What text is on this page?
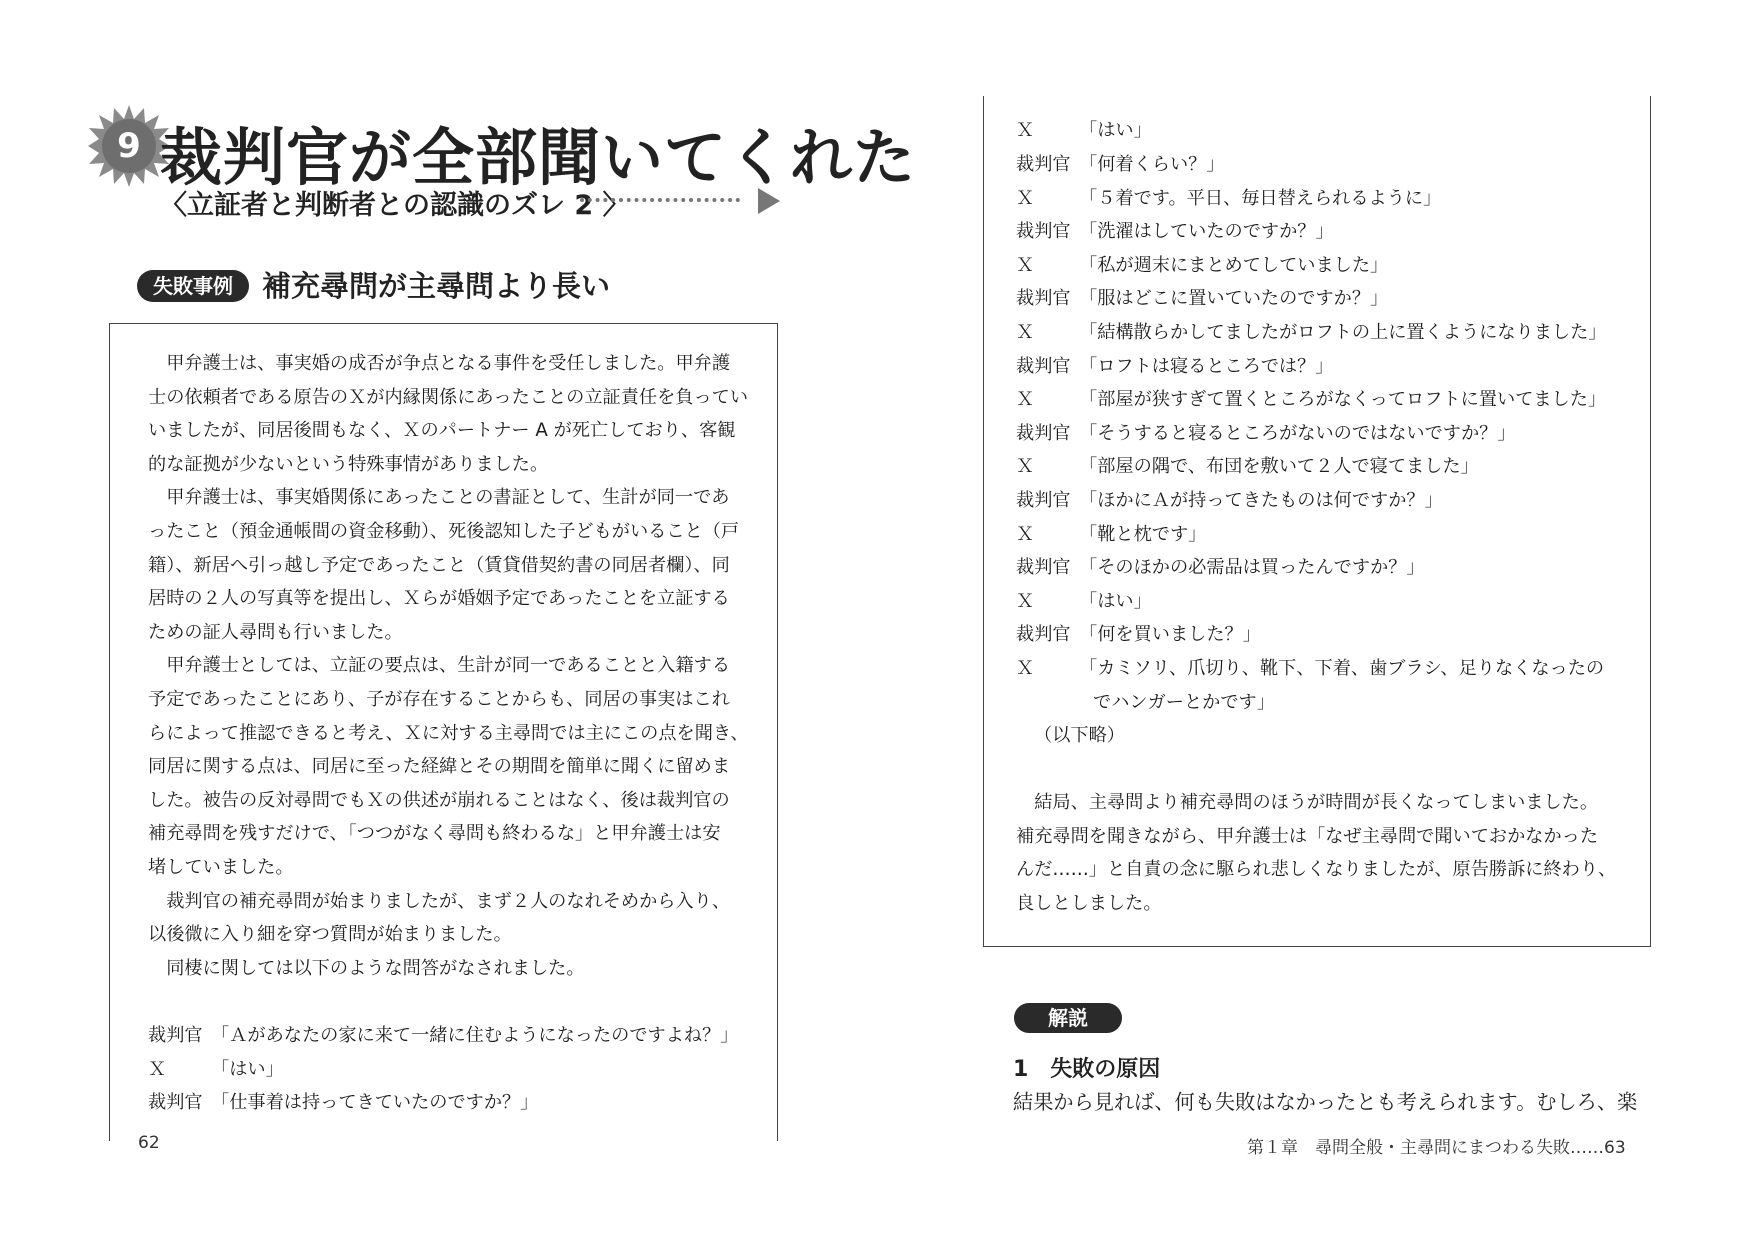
9 裁判官が全部聞いてくれた
〈立証者と判断者との認識のズレ 2 〉
失敗事例	補充尋問が主尋問より長い
　甲弁護士は、事実婚の成否が争点となる事件を受任しました。甲弁護
士の依頼者である原告のＸが内縁関係にあったことの立証責任を負ってい
いましたが、同居後間もなく、Ｘのパートナー A が死亡しており、客観
的な証拠が少ないという特殊事情がありました。
　甲弁護士は、事実婚関係にあったことの書証として、生計が同一であ
ったこと（預金通帳間の資金移動）、死後認知した子どもがいること（戸
籍）、新居へ引っ越し予定であったこと（賃貸借契約書の同居者欄）、同
居時の２人の写真等を提出し、Ｘらが婚姻予定であったことを立証する
ための証人尋問も行いました。
　甲弁護士としては、立証の要点は、生計が同一であることと入籍する
予定であったことにあり、子が存在することからも、同居の事実はこれ
らによって推認できると考え、Ｘに対する主尋問では主にこの点を聞き、
同居に関する点は、同居に至った経緯とその期間を簡単に聞くに留めま
した。被告の反対尋問でもＸの供述が崩れることはなく、後は裁判官の
補充尋問を残すだけで、「つつがなく尋問も終わるな」と甲弁護士は安
堵していました。
　裁判官の補充尋問が始まりましたが、まず２人のなれそめから入り、
以後微に入り細を穿つ質問が始まりました。
　同棲に関しては以下のような問答がなされました。
裁判官 「Ａがあなたの家に来て一緒に住むようになったのですよね？」
Ｘ 「はい」
裁判官 「仕事着は持ってきていたのですか？」
62
Ｘ 「はい」
裁判官 「何着くらい？」
Ｘ 「５着です。平日、毎日替えられるように」
裁判官 「洗濯はしていたのですか？」
Ｘ 「私が週末にまとめてしていました」
裁判官 「服はどこに置いていたのですか？」
Ｘ 「結構散らかしてましたがロフトの上に置くようになりました」
裁判官 「ロフトは寝るところでは？」
Ｘ 「部屋が狭すぎて置くところがなくってロフトに置いてました」
裁判官 「そうすると寝るところがないのではないですか？」
Ｘ 「部屋の隅で、布団を敷いて２人で寝てました」
裁判官 「ほかにＡが持ってきたものは何ですか？」
Ｘ 「靴と枕です」
裁判官 「そのほかの必需品は買ったんですか？」
Ｘ 「はい」
裁判官 「何を買いました？」
Ｘ 「カミソリ、爪切り、靴下、下着、歯ブラシ、足りなくなったの
でハンガーとかです」
（以下略）
　結局、主尋問より補充尋問のほうが時間が長くなってしまいました。
補充尋問を聞きながら、甲弁護士は「なぜ主尋問で聞いておかなかった
んだ……」と自責の念に駆られ悲しくなりましたが、原告勝訴に終わり、
良しとしました。
解説
1　失敗の原因
結果から見れば、何も失敗はなかったとも考えられます。むしろ、楽
第１章　尋問全般・主尋問にまつわる失敗……63
